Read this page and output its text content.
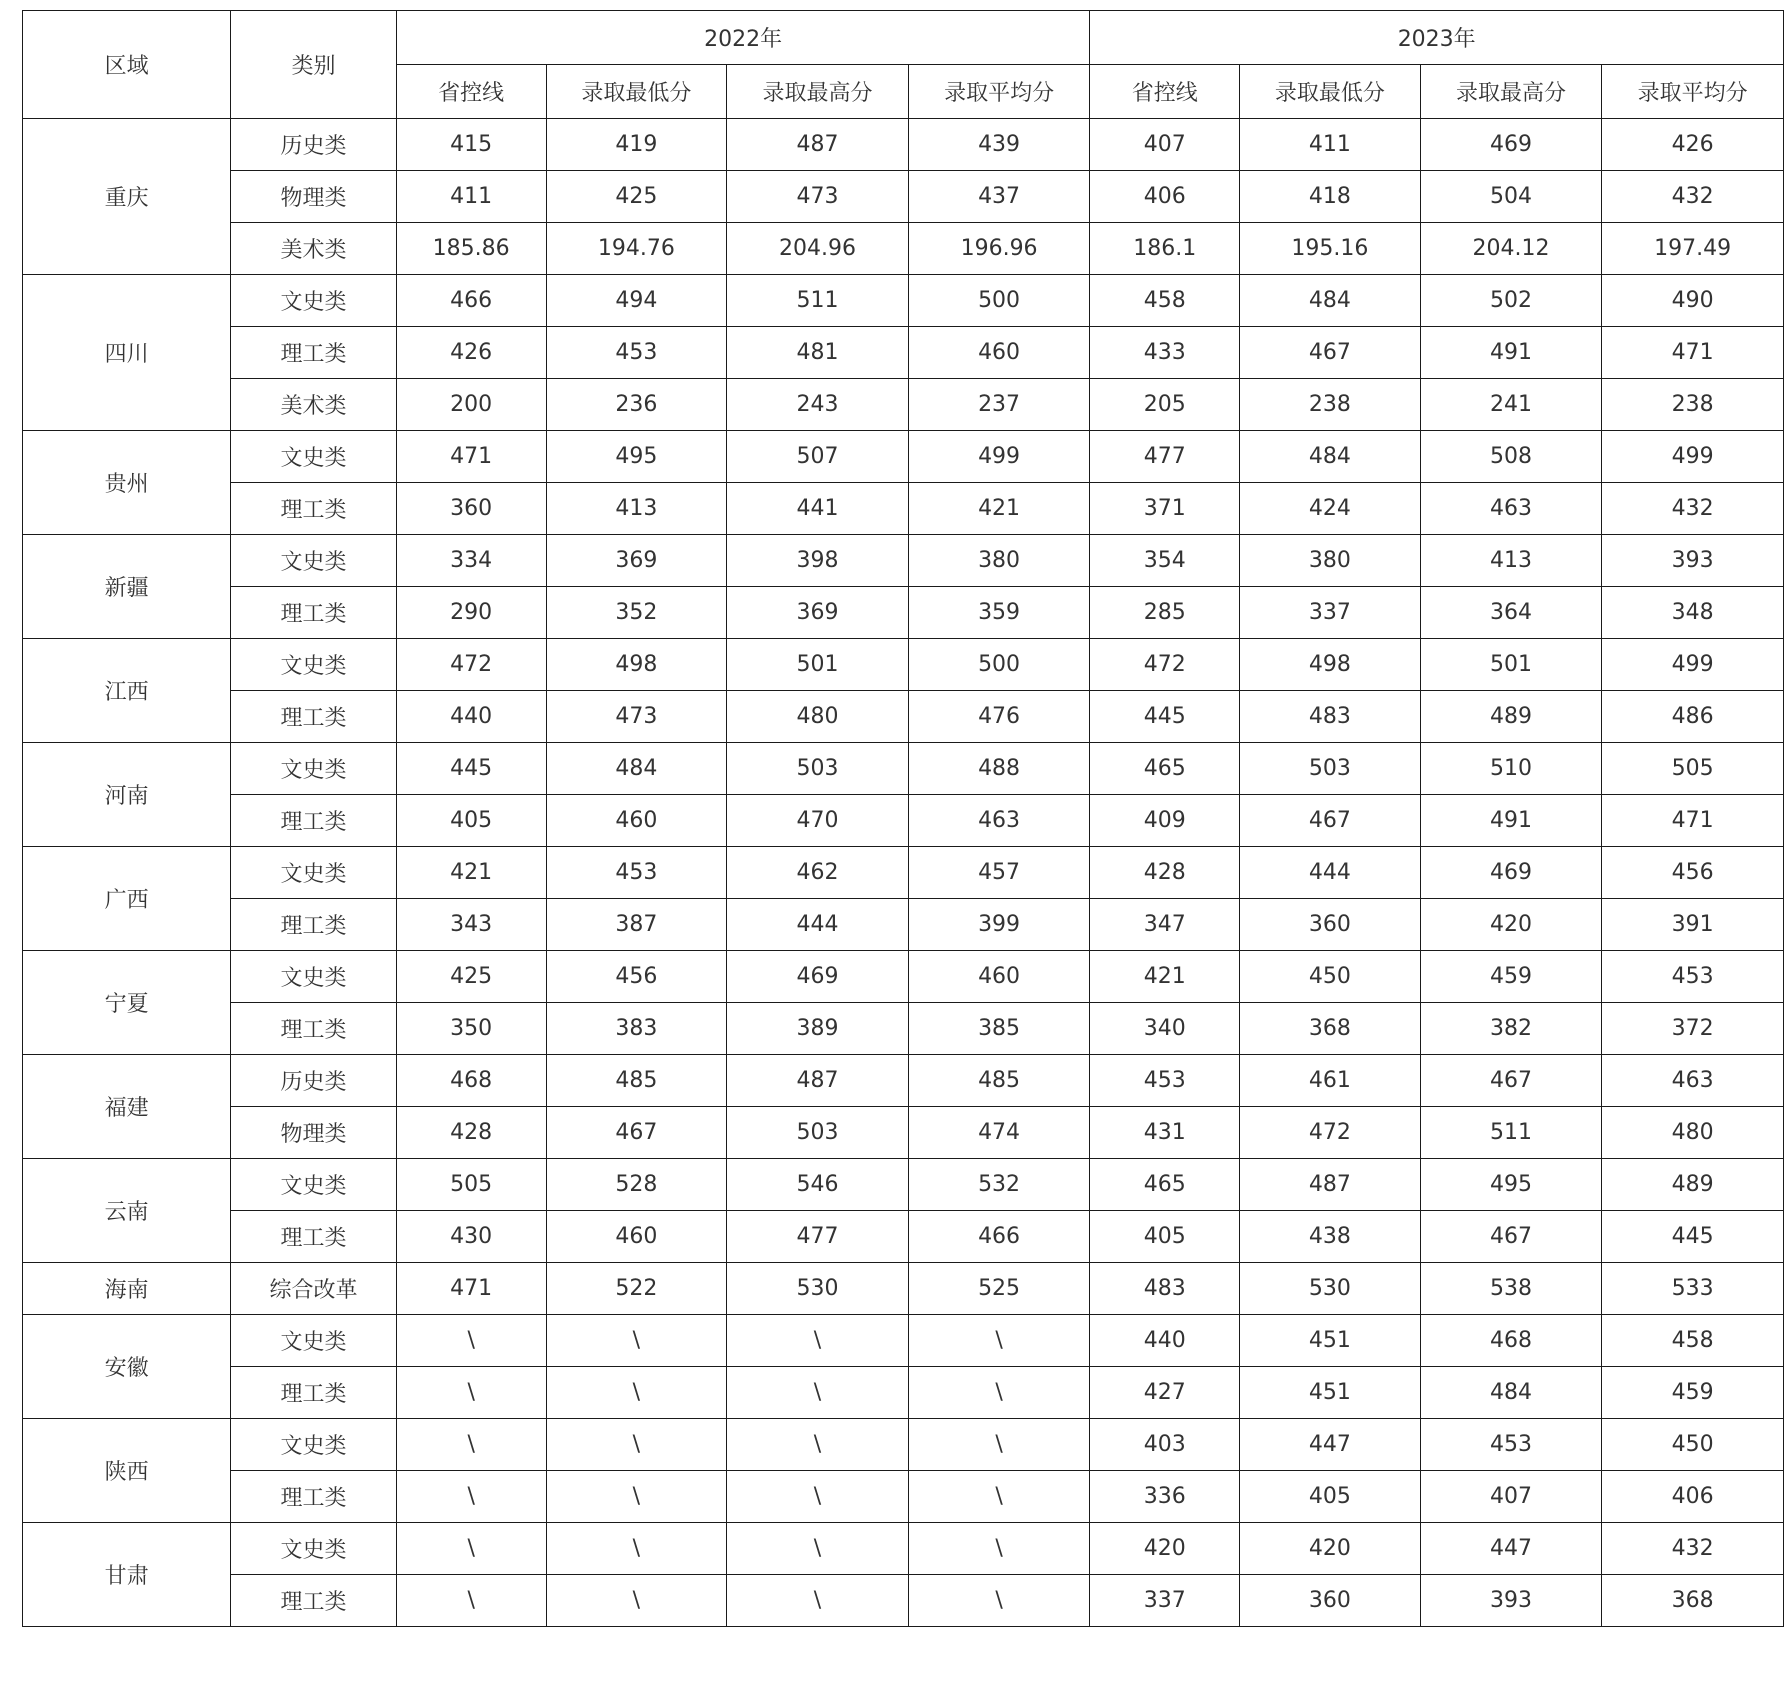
区域	类别	2022年				2023年			
		省控线	录取最低分	录取最高分	录取平均分	省控线	录取最低分	录取最高分	录取平均分
重庆	历史类	415	419	487	439	407	411	469	426
	物理类	411	425	473	437	406	418	504	432
	美术类	185.86	194.76	204.96	196.96	186.1	195.16	204.12	197.49
四川	文史类	466	494	511	500	458	484	502	490
	理工类	426	453	481	460	433	467	491	471
	美术类	200	236	243	237	205	238	241	238
贵州	文史类	471	495	507	499	477	484	508	499
	理工类	360	413	441	421	371	424	463	432
新疆	文史类	334	369	398	380	354	380	413	393
	理工类	290	352	369	359	285	337	364	348
江西	文史类	472	498	501	500	472	498	501	499
	理工类	440	473	480	476	445	483	489	486
河南	文史类	445	484	503	488	465	503	510	505
	理工类	405	460	470	463	409	467	491	471
广西	文史类	421	453	462	457	428	444	469	456
	理工类	343	387	444	399	347	360	420	391
宁夏	文史类	425	456	469	460	421	450	459	453
	理工类	350	383	389	385	340	368	382	372
福建	历史类	468	485	487	485	453	461	467	463
	物理类	428	467	503	474	431	472	511	480
云南	文史类	505	528	546	532	465	487	495	489
	理工类	430	460	477	466	405	438	467	445
海南	综合改革	471	522	530	525	483	530	538	533
安徽	文史类	\	\	\	\	440	451	468	458
	理工类	\	\	\	\	427	451	484	459
陕西	文史类	\	\	\	\	403	447	453	450
	理工类	\	\	\	\	336	405	407	406
甘肃	文史类	\	\	\	\	420	420	447	432
	理工类	\	\	\	\	337	360	393	368
